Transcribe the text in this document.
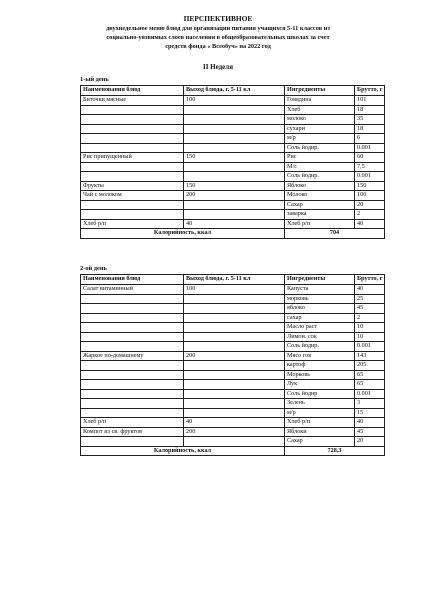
ПЕРСПЕКТИВНОЕ
двухнедельное меню блюд для организации питания учащихся 5-11 классов из
социально-уязвимых слоев населения в общеобразовательных школах за счет
средств фонда « Всеобуч» на 2022 год
II Неделя
1-ый день
Наименования блюд	Выход блюда, г. 5-11 кл	Ингредиенты	Брутто, г
Биточки мясные	100	Говядина	101
		Хлеб	18
		молоко	35
		сухари	18
		м/р	6
		Соль йодир.	0.001
Рис припущенный	150	Рис	60
		М/с	7,5
		Соль йодир.	0.001
Фрукты	150	Яблоко	150
Чай с молоком	200	Молоко	100
		Сахар	20
		заварка	2
Хлеб р/п	40	Хлеб р/п	40
Калорийность, ккал		704	
2-ой день
Наименования блюд	Выход блюда, г. 5-11 кл	Ингредиенты	Брутто, г
Салат витаминный	100	Капуста	40
		морковь	25
		яблоко	45
		сахар	2
		Масло раст	10
		Лимон. сок	10
		Соль йодир.	0.001
Жаркое по-домашнему	200	Мясо гов	143
		картоф	205
		Морковь	65
		Лук	65
		Соль йодир	0.001
		Зелень	3
		м/р	15
Хлеб р/п	40	Хлеб р/п	40
Компот из св. фруктов	200	Яблоки	45
		Сахар	20
Калорийность, ккал		728,3	
